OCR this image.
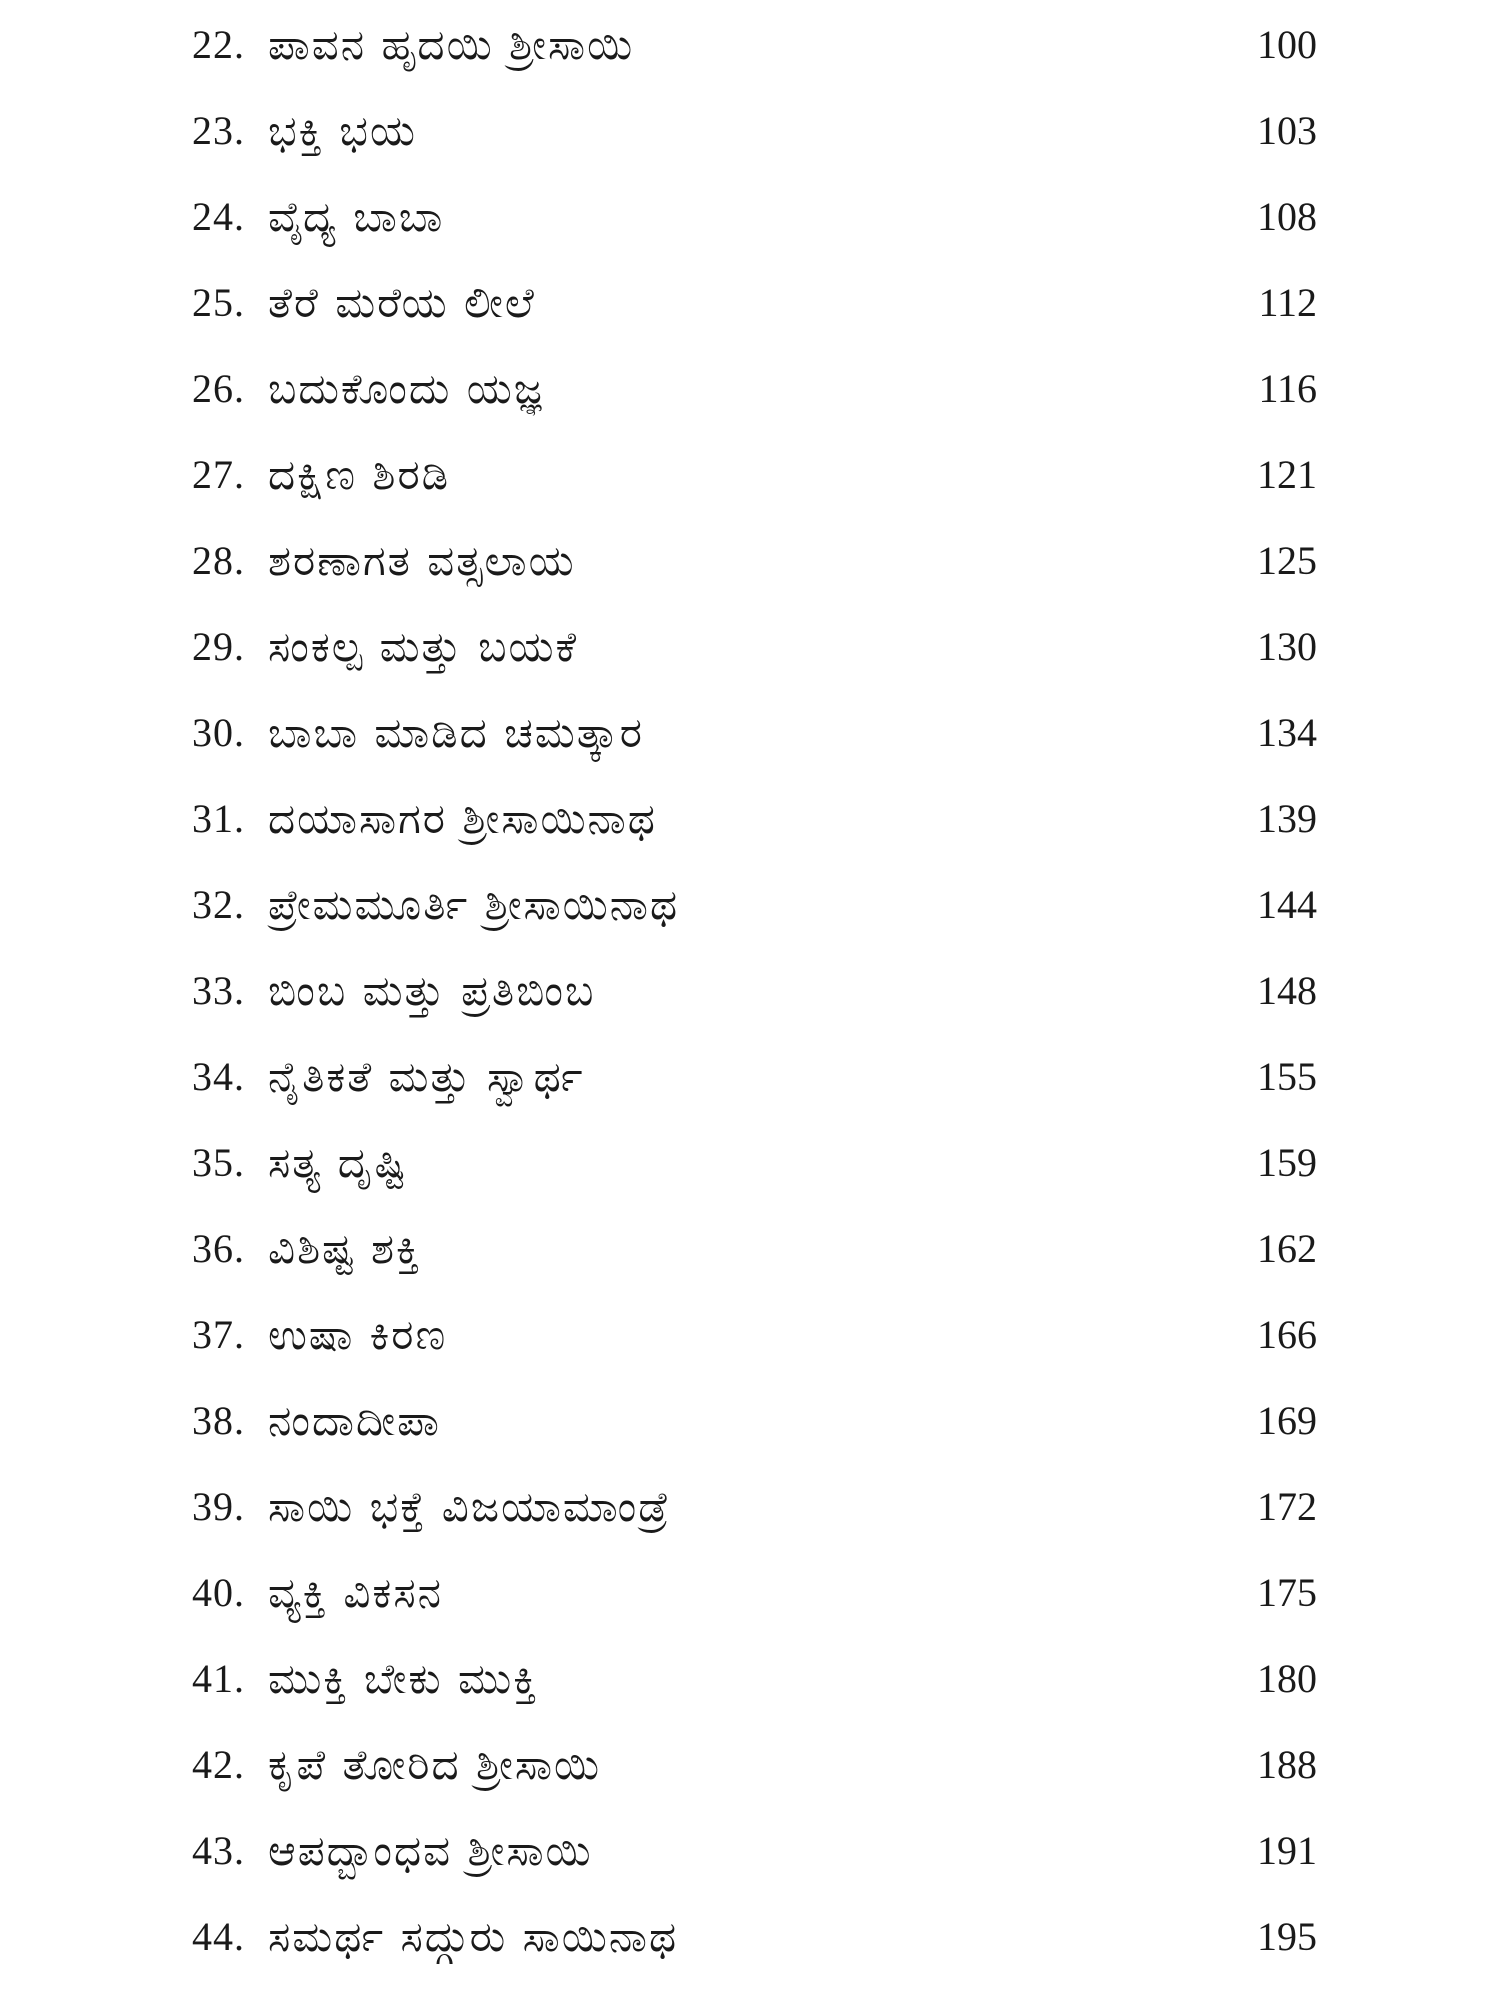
22. ಪಾವನ ಹೃದಯಿ ಶ್ರೀಸಾಯಿ	100
23. ಭಕ್ತಿ ಭಯ	103
24. ವೈದ್ಯ ಬಾಬಾ	108
25. ತೆರೆ ಮರೆಯ ಲೀಲೆ	112
26. ಬದುಕೊಂದು ಯಜ್ಞ	116
27. ದಕ್ಷಿಣ ಶಿರಡಿ	121
28. ಶರಣಾಗತ ವತ್ಸಲಾಯ	125
29. ಸಂಕಲ್ಪ ಮತ್ತು ಬಯಕೆ	130
30. ಬಾಬಾ ಮಾಡಿದ ಚಮತ್ಕಾರ	134
31. ದಯಾಸಾಗರ ಶ್ರೀಸಾಯಿನಾಥ	139
32. ಪ್ರೇಮಮೂರ್ತಿ ಶ್ರೀಸಾಯಿನಾಥ	144
33. ಬಿಂಬ ಮತ್ತು ಪ್ರತಿಬಿಂಬ	148
34. ನೈತಿಕತೆ ಮತ್ತು ಸ್ವಾರ್ಥ	155
35. ಸತ್ಯ ದೃಷ್ಟಿ	159
36. ವಿಶಿಷ್ಟ ಶಕ್ತಿ	162
37. ಉಷಾ ಕಿರಣ	166
38. ನಂದಾದೀಪಾ	169
39. ಸಾಯಿ ಭಕ್ತೆ ವಿಜಯಾಮಾಂಡ್ರೆ	172
40. ವ್ಯಕ್ತಿ ವಿಕಸನ	175
41. ಮುಕ್ತಿ ಬೇಕು ಮುಕ್ತಿ	180
42. ಕೃಪೆ ತೋರಿದ ಶ್ರೀಸಾಯಿ	188
43. ಆಪದ್ಬಾಂಧವ ಶ್ರೀಸಾಯಿ	191
44. ಸಮರ್ಥ ಸದ್ಗುರು ಸಾಯಿನಾಥ	195
